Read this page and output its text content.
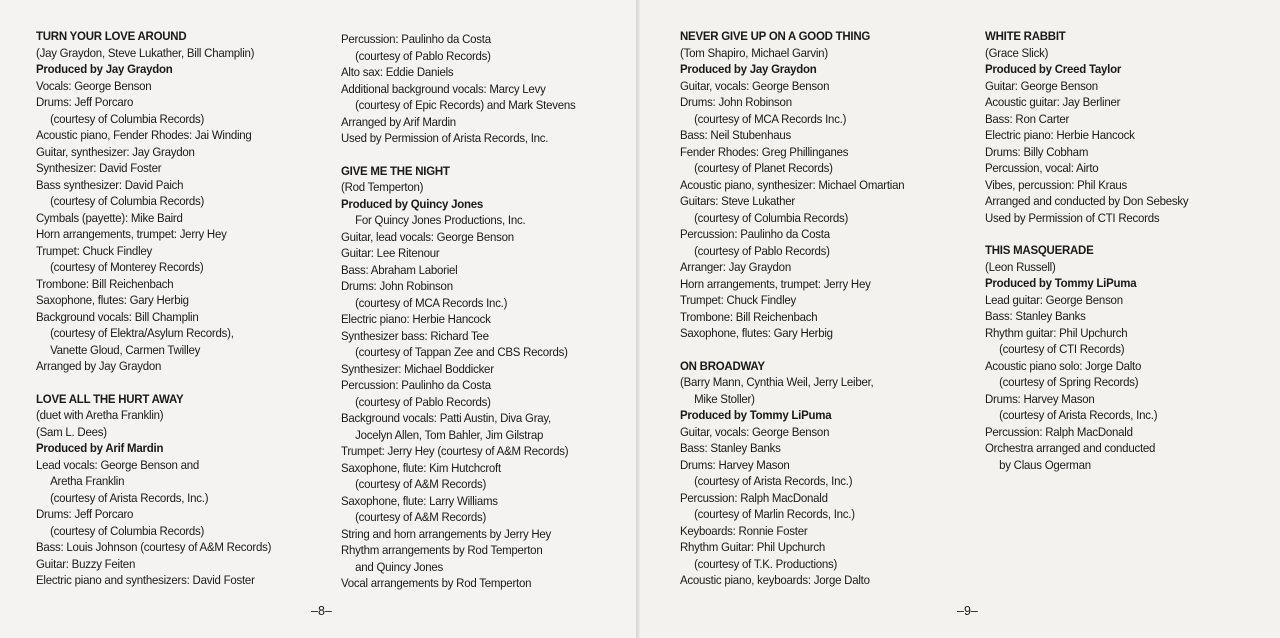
TURN YOUR LOVE AROUND
(Jay Graydon, Steve Lukather, Bill Champlin)
Produced by Jay Graydon
Vocals: George Benson
Drums: Jeff Porcaro
(courtesy of Columbia Records)
Acoustic piano, Fender Rhodes: Jai Winding
Guitar, synthesizer: Jay Graydon
Synthesizer: David Foster
Bass synthesizer: David Paich
(courtesy of Columbia Records)
Cymbals (payette): Mike Baird
Horn arrangements, trumpet: Jerry Hey
Trumpet: Chuck Findley
(courtesy of Monterey Records)
Trombone: Bill Reichenbach
Saxophone, flutes: Gary Herbig
Background vocals: Bill Champlin
(courtesy of Elektra/Asylum Records),
Vanette Gloud, Carmen Twilley
Arranged by Jay Graydon
LOVE ALL THE HURT AWAY
(duet with Aretha Franklin)
(Sam L. Dees)
Produced by Arif Mardin
Lead vocals: George Benson and
Aretha Franklin
(courtesy of Arista Records, Inc.)
Drums: Jeff Porcaro
(courtesy of Columbia Records)
Bass: Louis Johnson (courtesy of A&M Records)
Guitar: Buzzy Feiten
Electric piano and synthesizers: David Foster
Percussion: Paulinho da Costa
(courtesy of Pablo Records)
Alto sax: Eddie Daniels
Additional background vocals: Marcy Levy
(courtesy of Epic Records) and Mark Stevens
Arranged by Arif Mardin
Used by Permission of Arista Records, Inc.
GIVE ME THE NIGHT
(Rod Temperton)
Produced by Quincy Jones
For Quincy Jones Productions, Inc.
Guitar, lead vocals: George Benson
Guitar: Lee Ritenour
Bass: Abraham Laboriel
Drums: John Robinson
(courtesy of MCA Records Inc.)
Electric piano: Herbie Hancock
Synthesizer bass: Richard Tee
(courtesy of Tappan Zee and CBS Records)
Synthesizer: Michael Boddicker
Percussion: Paulinho da Costa
(courtesy of Pablo Records)
Background vocals: Patti Austin, Diva Gray,
Jocelyn Allen, Tom Bahler, Jim Gilstrap
Trumpet: Jerry Hey (courtesy of A&M Records)
Saxophone, flute: Kim Hutchcroft
(courtesy of A&M Records)
Saxophone, flute: Larry Williams
(courtesy of A&M Records)
String and horn arrangements by Jerry Hey
Rhythm arrangements by Rod Temperton
and Quincy Jones
Vocal arrangements by Rod Temperton
–8–
NEVER GIVE UP ON A GOOD THING
(Tom Shapiro, Michael Garvin)
Produced by Jay Graydon
Guitar, vocals: George Benson
Drums: John Robinson
(courtesy of MCA Records Inc.)
Bass: Neil Stubenhaus
Fender Rhodes: Greg Phillinganes
(courtesy of Planet Records)
Acoustic piano, synthesizer: Michael Omartian
Guitars: Steve Lukather
(courtesy of Columbia Records)
Percussion: Paulinho da Costa
(courtesy of Pablo Records)
Arranger: Jay Graydon
Horn arrangements, trumpet: Jerry Hey
Trumpet: Chuck Findley
Trombone: Bill Reichenbach
Saxophone, flutes: Gary Herbig
ON BROADWAY
(Barry Mann, Cynthia Weil, Jerry Leiber,
Mike Stoller)
Produced by Tommy LiPuma
Guitar, vocals: George Benson
Bass: Stanley Banks
Drums: Harvey Mason
(courtesy of Arista Records, Inc.)
Percussion: Ralph MacDonald
(courtesy of Marlin Records, Inc.)
Keyboards: Ronnie Foster
Rhythm Guitar: Phil Upchurch
(courtesy of T.K. Productions)
Acoustic piano, keyboards: Jorge Dalto
WHITE RABBIT
(Grace Slick)
Produced by Creed Taylor
Guitar: George Benson
Acoustic guitar: Jay Berliner
Bass: Ron Carter
Electric piano: Herbie Hancock
Drums: Billy Cobham
Percussion, vocal: Airto
Vibes, percussion: Phil Kraus
Arranged and conducted by Don Sebesky
Used by Permission of CTI Records
THIS MASQUERADE
(Leon Russell)
Produced by Tommy LiPuma
Lead guitar: George Benson
Bass: Stanley Banks
Rhythm guitar: Phil Upchurch
(courtesy of CTI Records)
Acoustic piano solo: Jorge Dalto
(courtesy of Spring Records)
Drums: Harvey Mason
(courtesy of Arista Records, Inc.)
Percussion: Ralph MacDonald
Orchestra arranged and conducted
by Claus Ogerman
–9–
